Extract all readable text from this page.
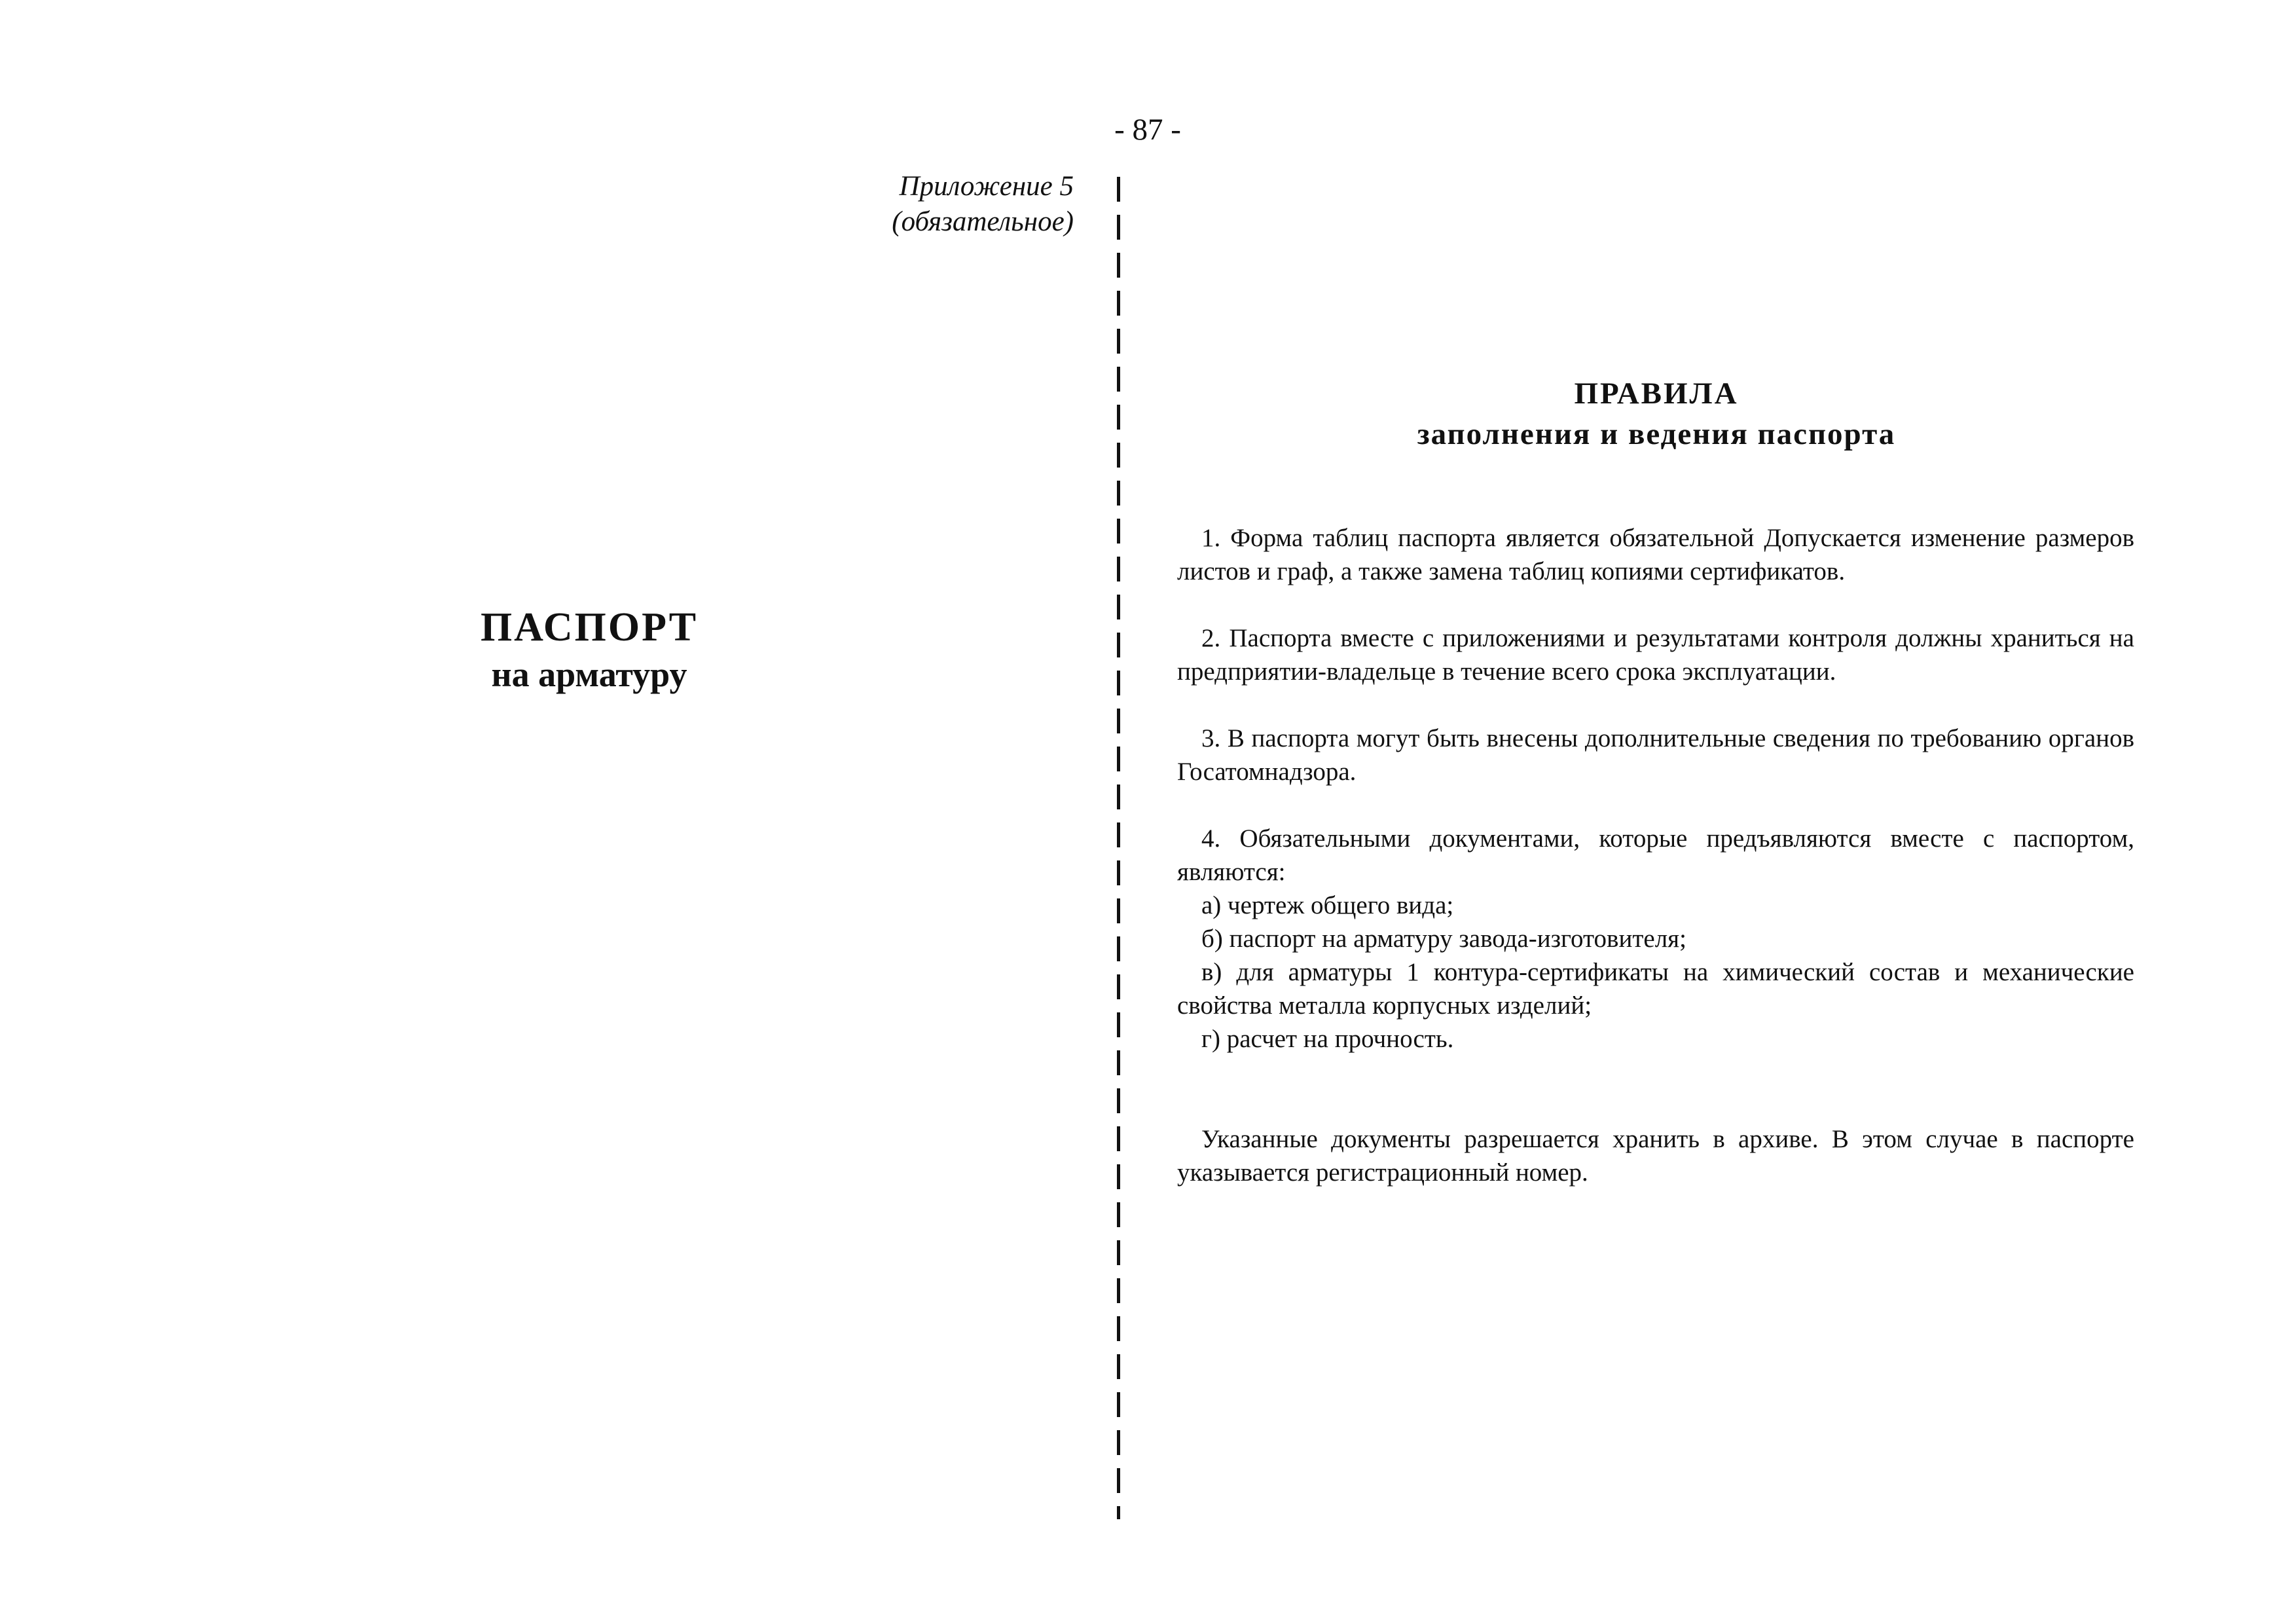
- 87 -
Приложение 5
(обязательное)
ПАСПОРТ
на арматуру
ПРАВИЛА
заполнения и ведения паспорта

1. Форма таблиц паспорта является обязательной Допускается изменение размеров листов и граф, а также замена таблиц копиями сертификатов.

2. Паспорта вместе с приложениями и результатами контроля должны храниться на предприятии-владельце в течение всего срока эксплуатации.

3. В паспорта могут быть внесены дополнительные сведения по требованию органов Госатомнадзора.

4. Обязательными документами, которые предъявляются вместе с паспортом, являются:

а) чертеж общего вида;

б) паспорт на арматуру завода-изготовителя;

в) для арматуры 1 контура-сертификаты на химический состав и механические свойства металла корпусных изделий;

г) расчет на прочность.

Указанные документы разрешается хранить в архиве. В этом случае в паспорте указывается регистрационный номер.
